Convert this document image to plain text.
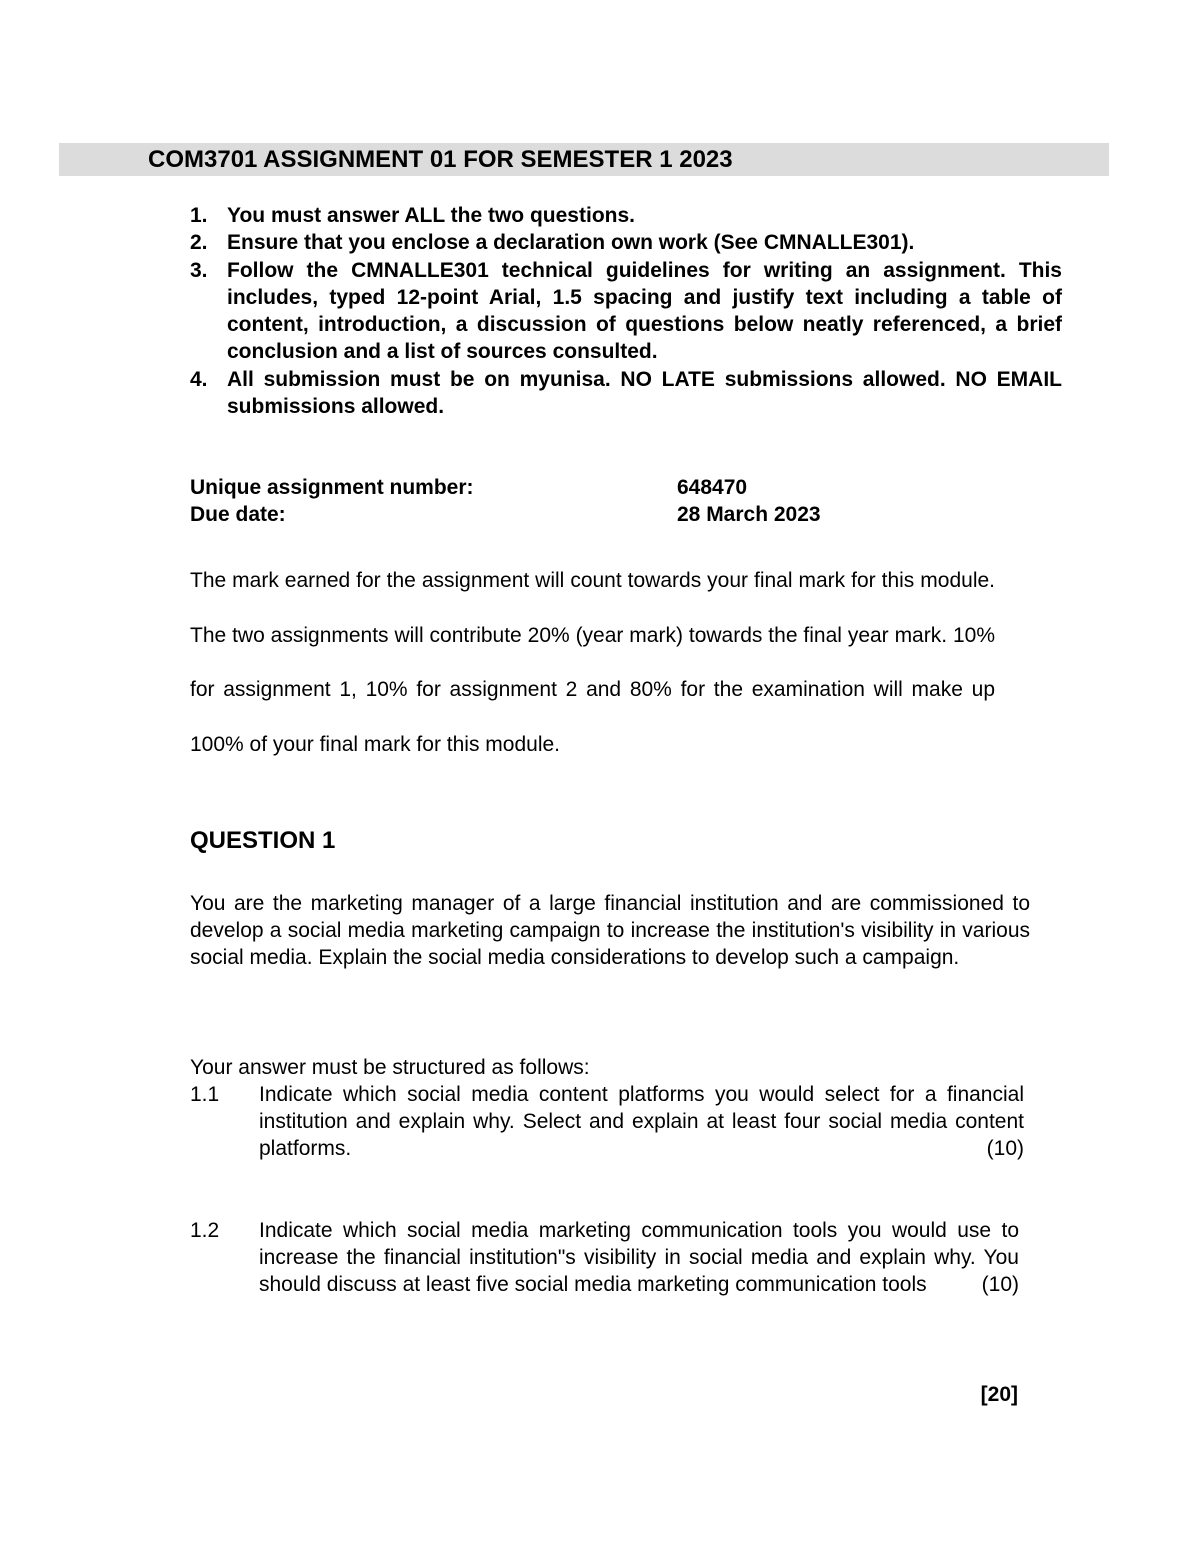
COM3701 ASSIGNMENT 01 FOR SEMESTER 1 2023
1. You must answer ALL the two questions.
2. Ensure that you enclose a declaration own work (See CMNALLE301).
3. Follow the CMNALLE301 technical guidelines for writing an assignment. This includes, typed 12-point Arial, 1.5 spacing and justify text including a table of content, introduction, a discussion of questions below neatly referenced, a brief conclusion and a list of sources consulted.
4. All submission must be on myunisa. NO LATE submissions allowed. NO EMAIL submissions allowed.
Unique assignment number:	648470
Due date:	28 March 2023
The mark earned for the assignment will count towards your final mark for this module. The two assignments will contribute 20% (year mark) towards the final year mark. 10% for assignment 1, 10% for assignment 2 and 80% for the examination will make up 100% of your final mark for this module.
QUESTION 1
You are the marketing manager of a large financial institution and are commissioned to develop a social media marketing campaign to increase the institution's visibility in various social media. Explain the social media considerations to develop such a campaign.
Your answer must be structured as follows:
1.1 Indicate which social media content platforms you would select for a financial institution and explain why. Select and explain at least four social media content platforms.	(10)
1.2 Indicate which social media marketing communication tools you would use to increase the financial institution"s visibility in social media and explain why. You should discuss at least five social media marketing communication tools	(10)
[20]
